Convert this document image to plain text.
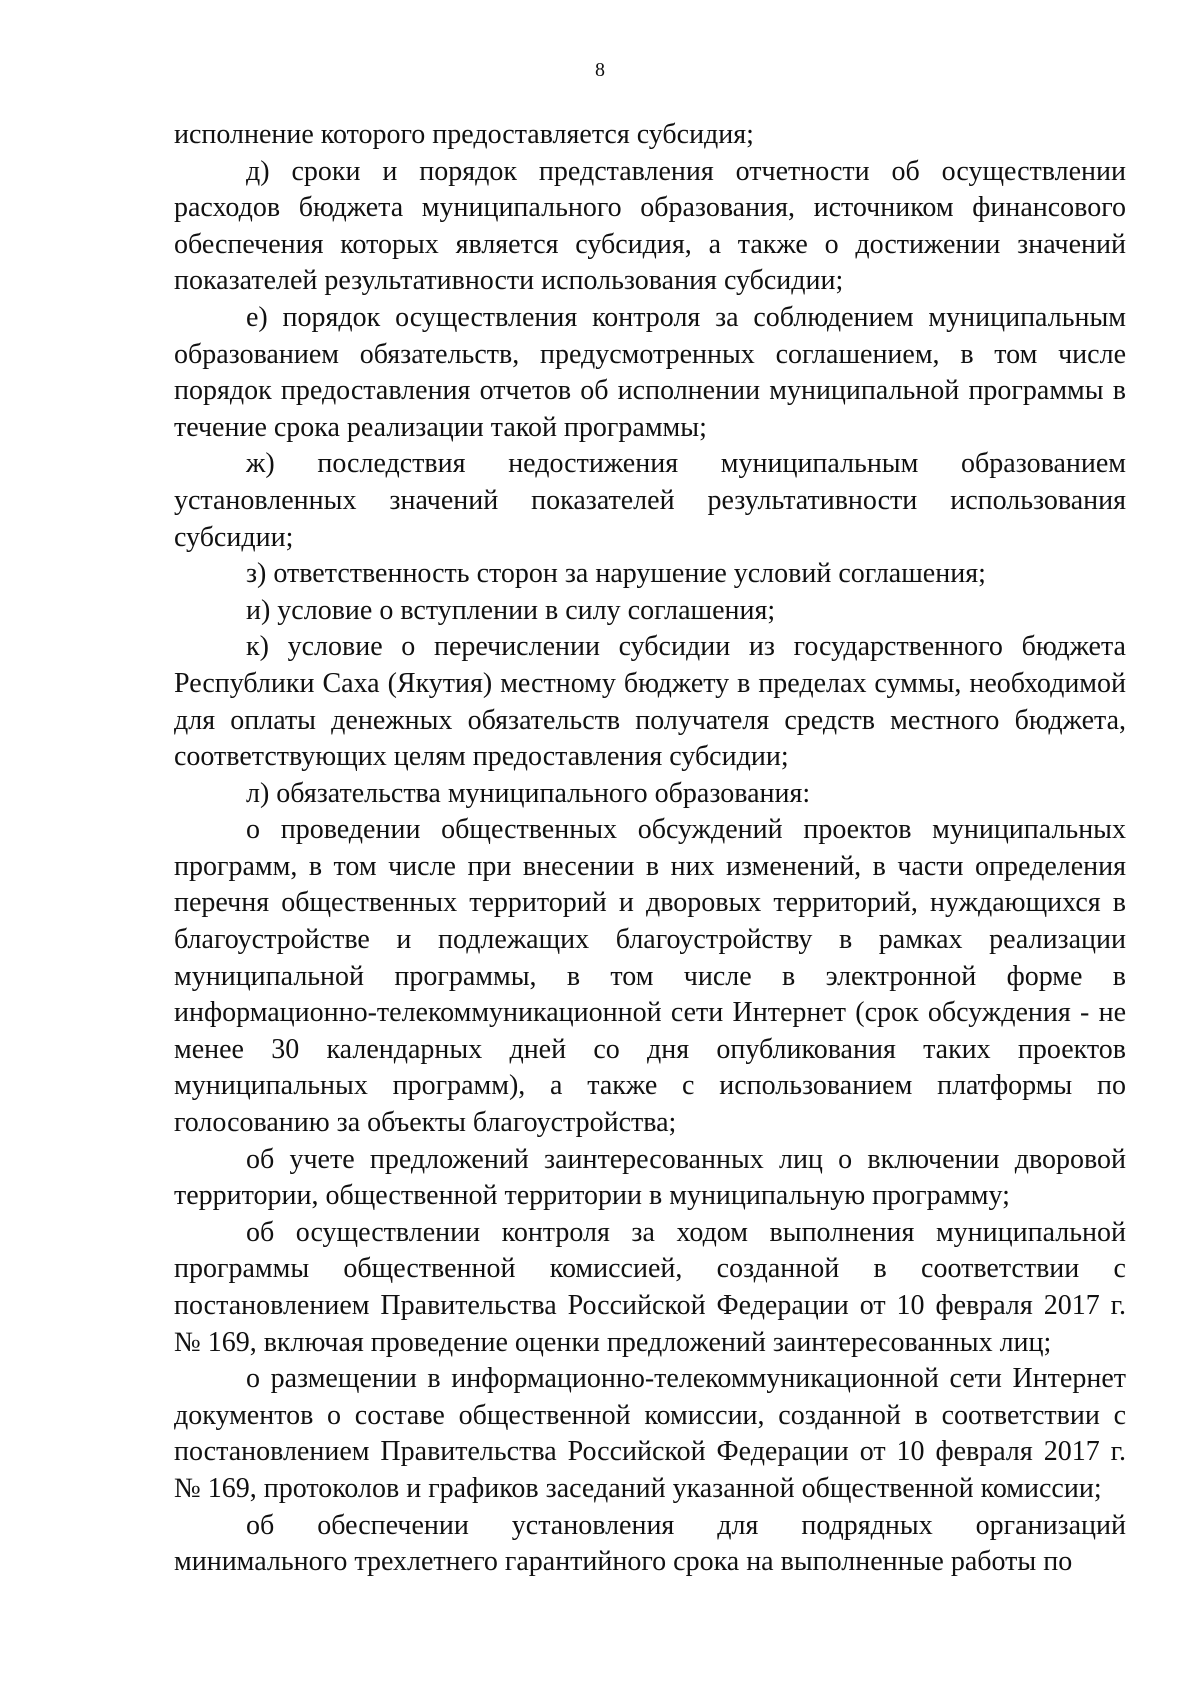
8

исполнение которого предоставляется субсидия;

д) сроки и порядок представления отчетности об осуществлении расходов бюджета муниципального образования, источником финансового обеспечения которых является субсидия, а также о достижении значений показателей результативности использования субсидии;

е) порядок осуществления контроля за соблюдением муниципальным образованием обязательств, предусмотренных соглашением, в том числе порядок предоставления отчетов об исполнении муниципальной программы в течение срока реализации такой программы;

ж) последствия недостижения муниципальным образованием установленных значений показателей результативности использования субсидии;

з) ответственность сторон за нарушение условий соглашения;

и) условие о вступлении в силу соглашения;

к) условие о перечислении субсидии из государственного бюджета Республики Саха (Якутия) местному бюджету в пределах суммы, необходимой для оплаты денежных обязательств получателя средств местного бюджета, соответствующих целям предоставления субсидии;

л) обязательства муниципального образования:

о проведении общественных обсуждений проектов муниципальных программ, в том числе при внесении в них изменений, в части определения перечня общественных территорий и дворовых территорий, нуждающихся в благоустройстве и подлежащих благоустройству в рамках реализации муниципальной программы, в том числе в электронной форме в информационно-телекоммуникационной сети Интернет (срок обсуждения - не менее 30 календарных дней со дня опубликования таких проектов муниципальных программ), а также с использованием платформы по голосованию за объекты благоустройства;

об учете предложений заинтересованных лиц о включении дворовой территории, общественной территории в муниципальную программу;

об осуществлении контроля за ходом выполнения муниципальной программы общественной комиссией, созданной в соответствии с постановлением Правительства Российской Федерации от 10 февраля 2017 г. № 169, включая проведение оценки предложений заинтересованных лиц;

о размещении в информационно-телекоммуникационной сети Интернет документов о составе общественной комиссии, созданной в соответствии с постановлением Правительства Российской Федерации от 10 февраля 2017 г. № 169, протоколов и графиков заседаний указанной общественной комиссии;

об обеспечении установления для подрядных организаций минимального трехлетнего гарантийного срока на выполненные работы по
